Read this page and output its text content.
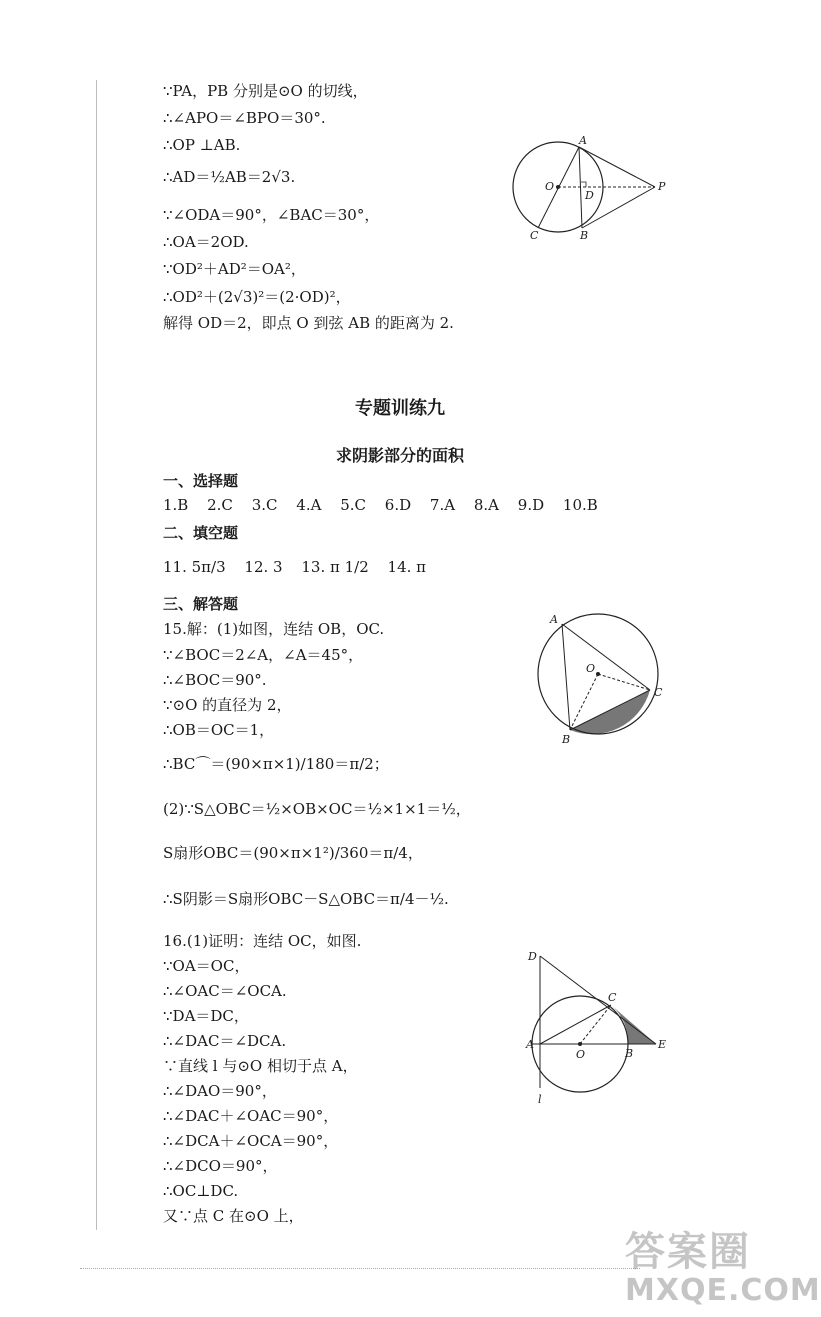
∵PA，PB 分别是⊙O 的切线，
∴∠APO＝∠BPO＝30°.
∴OP ⊥AB.
∴AD＝½AB＝2√3.
∵∠ODA＝90°，∠BAC＝30°，
∴OA＝2OD.
∵OD²＋AD²＝OA²，
∴OD²＋(2√3)²＝(2·OD)²，
解得 OD＝2，即点 O 到弦 AB 的距离为 2.
A
O
D
P
C	B
专题训练九
求阴影部分的面积
一、选择题
1.B 2.C 3.C 4.A 5.C 6.D 7.A 8.A 9.D 10.B
二、填空题
11. 5π/3 12. 3 13. π 1/2 14. π
三、解答题
15.解：(1)如图，连结 OB，OC.
∵∠BOC＝2∠A，∠A＝45°，
∴∠BOC＝90°.
∵⊙O 的直径为 2，
∴OB＝OC＝1，
∴BC⌒＝(90×π×1)/180＝π/2；
(2)∵S△OBC＝½×OB×OC＝½×1×1＝½，
S扇形OBC＝(90×π×1²)/360＝π/4，
∴S阴影＝S扇形OBC－S△OBC＝π/4－½.
A
O
C
B
16.(1)证明：连结 OC，如图.
∵OA＝OC，
∴∠OAC＝∠OCA.
∵DA＝DC，
∴∠DAC＝∠DCA.
∵直线 l 与⊙O 相切于点 A，
∴∠DAO＝90°，
∴∠DAC＋∠OAC＝90°，
∴∠DCA＋∠OCA＝90°，
∴∠DCO＝90°，
∴OC⊥DC.
又∵点 C 在⊙O 上，
D
C
A
O	B
E
l
答案圈
MXQE.COM
